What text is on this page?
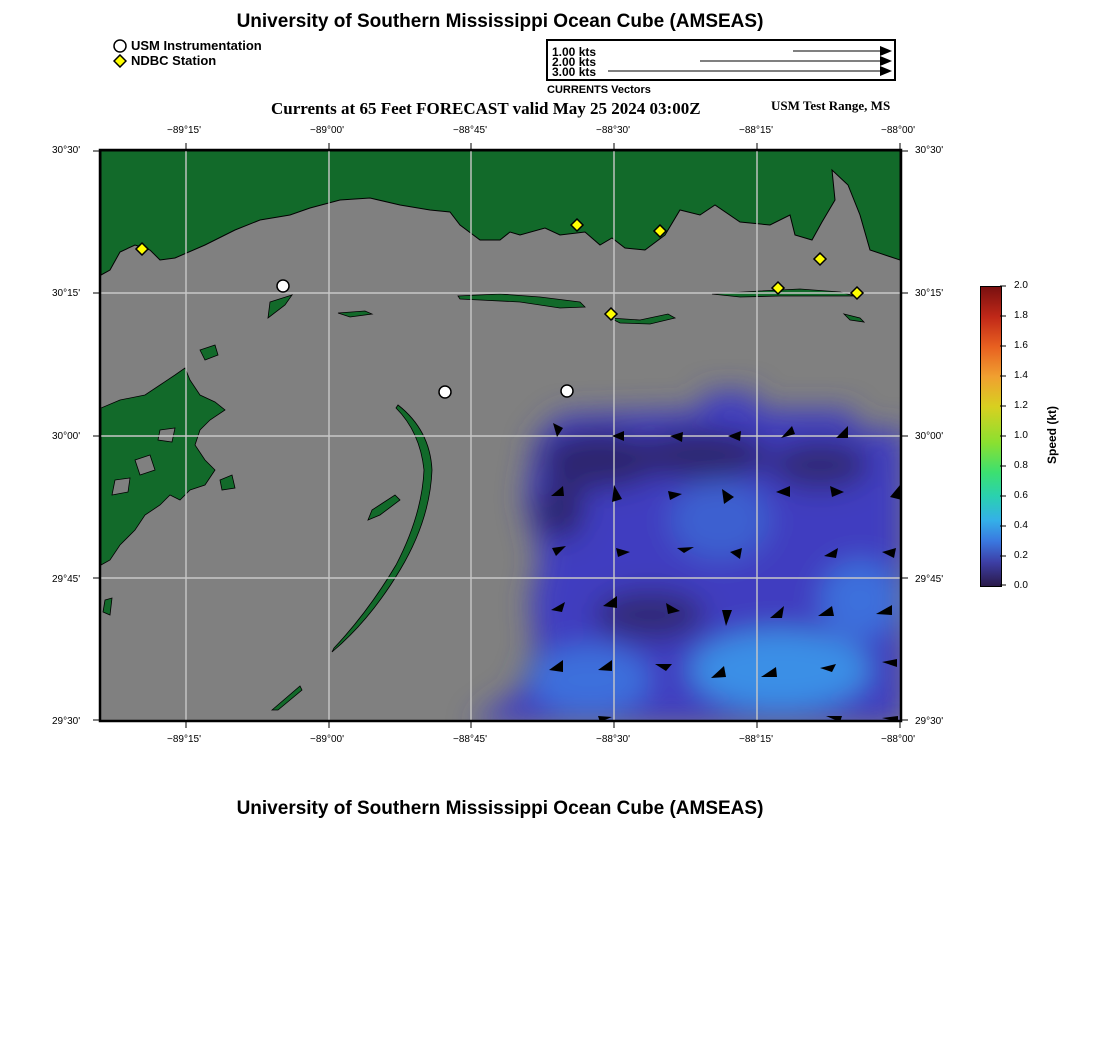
University of Southern Mississippi Ocean Cube (AMSEAS)
USM Instrumentation
NDBC Station
1.00 kts
2.00 kts
3.00 kts
CURRENTS Vectors
Currents at 65 Feet FORECAST valid May 25 2024 03:00Z	USM Test Range, MS
−89°15'	−89°00'	−88°45'	−88°30'	−88°15'	−88°00'
−89°15'	−89°00'	−88°45'	−88°30'	−88°15'	−88°00'
30°30'
30°15'
30°00'
29°45'
29°30'
30°30'
30°15'
30°00'
29°45'
29°30'
2.0
1.8
1.6
1.4
1.2
1.0
0.8
0.6
0.4
0.2
0.0
Speed (kt)
University of Southern Mississippi Ocean Cube (AMSEAS)
